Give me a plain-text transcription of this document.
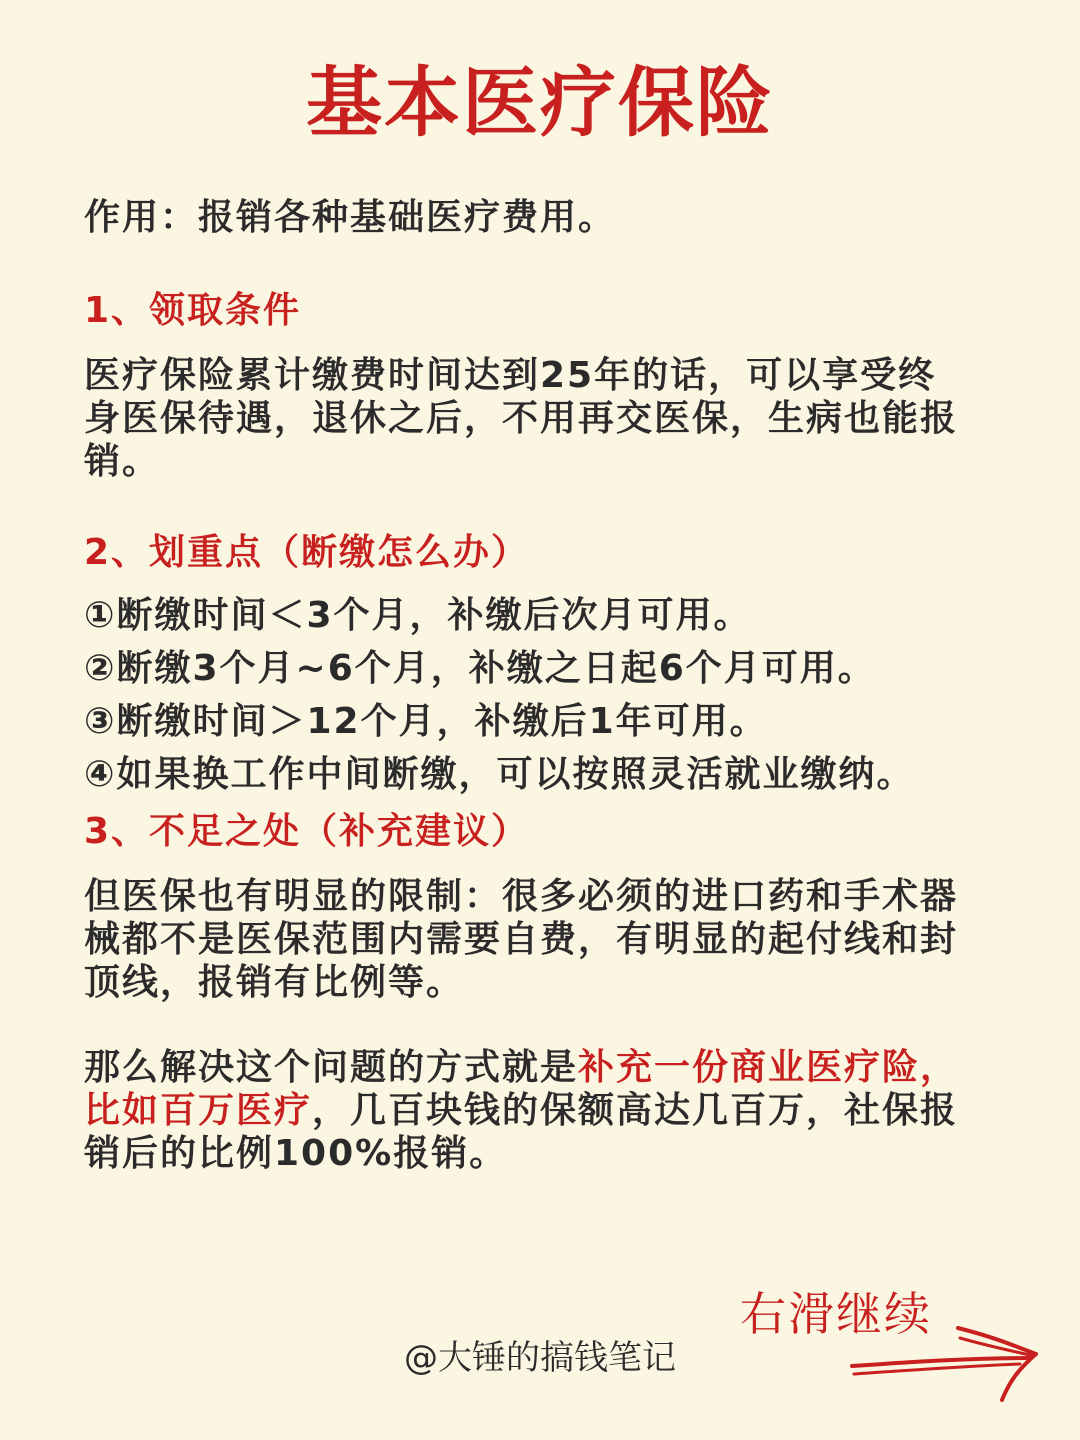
基本医疗保险

作用：报销各种基础医疗费用。

1、领取条件

医疗保险累计缴费时间达到25年的话，可以享受终身医保待遇，退休之后，不用再交医保，生病也能报销。

2、划重点（断缴怎么办）
①断缴时间＜3个月，补缴后次月可用。
②断缴3个月~6个月，补缴之日起6个月可用。
③断缴时间＞12个月，补缴后1年可用。
④如果换工作中间断缴，可以按照灵活就业缴纳。
3、不足之处（补充建议）

但医保也有明显的限制：很多必须的进口药和手术器械都不是医保范围内需要自费，有明显的起付线和封顶线，报销有比例等。

那么解决这个问题的方式就是补充一份商业医疗险，比如百万医疗，几百块钱的保额高达几百万，社保报销后的比例100%报销。

右滑继续
@大锤的搞钱笔记
